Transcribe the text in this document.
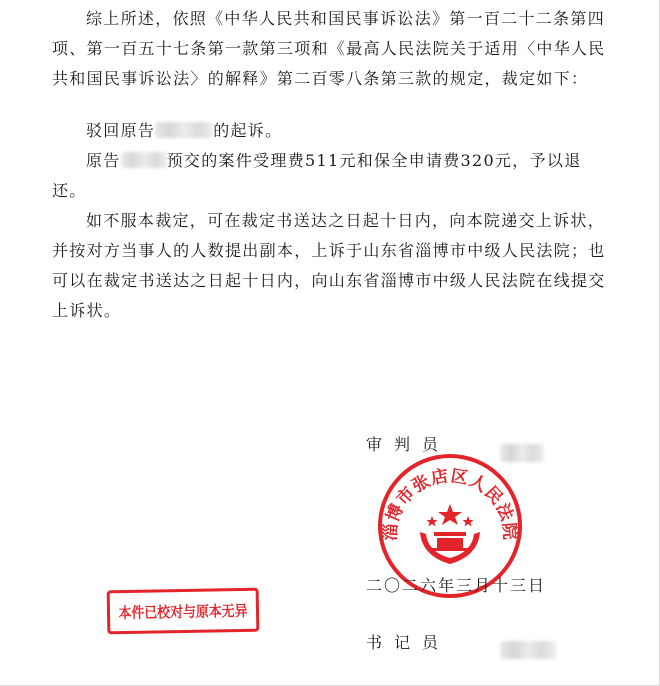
综上所述，依照《中华人民共和国民事诉讼法》第一百二十二条第四项、第一百五十七条第一款第三项和《最高人民法院关于适用〈中华人民共和国民事诉讼法〉的解释》第二百零八条第三款的规定，裁定如下：

驳回原告	的起诉。

原告	预交的案件受理费511元和保全申请费320元，予以退还。

如不服本裁定，可在裁定书送达之日起十日内，向本院递交上诉状，并按对方当事人的人数提出副本，上诉于山东省淄博市中级人民法院；也可以在裁定书送达之日起十日内，向山东省淄博市中级人民法院在线提交上诉状。

审判员
淄博市张店区人民法院
二〇二六年三月十三日
本件已校对与原本无异
书记员
